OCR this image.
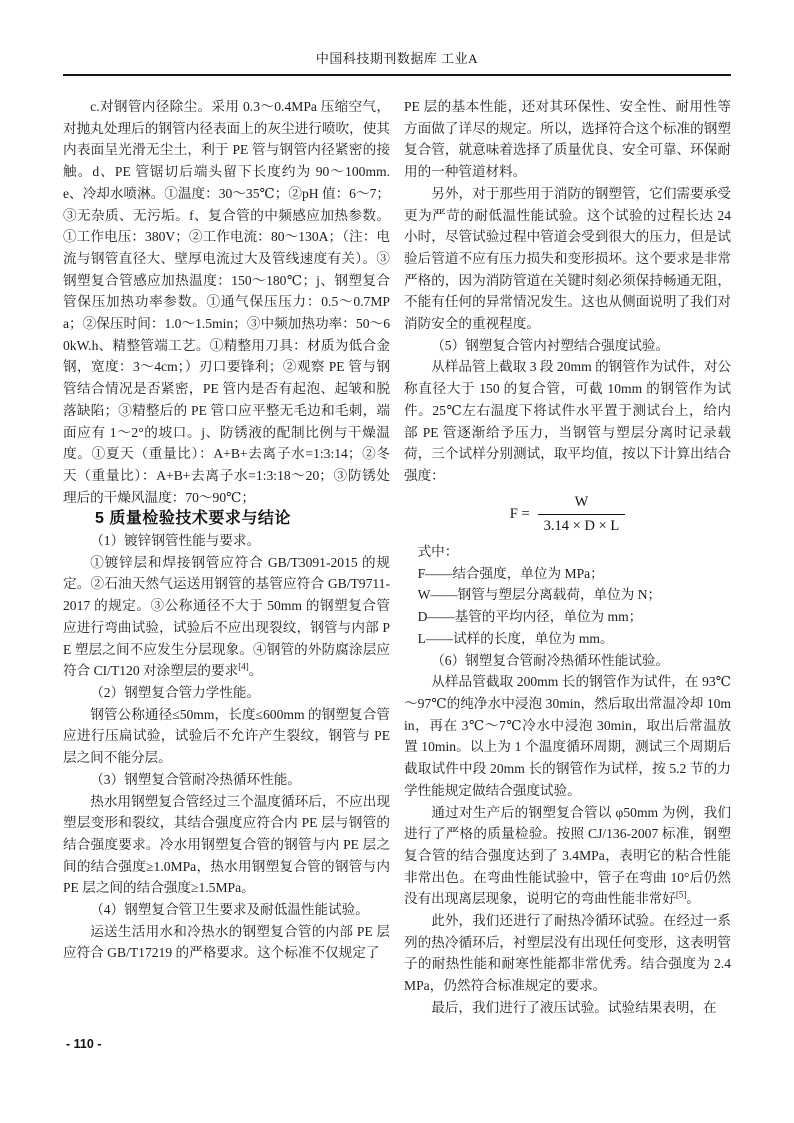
中国科技期刊数据库 工业A

c.对钢管内径除尘。采用 0.3～0.4MPa 压缩空气，对抛丸处理后的钢管内径表面上的灰尘进行喷吹，使其内表面呈光滑无尘土，利于 PE 管与钢管内径紧密的接触。d、PE 管锯切后端头留下长度约为 90～100mm. e、冷却水喷淋。①温度：30～35℃；②pH 值：6～7；③无杂质、无污垢。f、复合管的中频感应加热参数。①工作电压：380V；②工作电流：80～130A；（注：电流与钢管直径大、壁厚电流过大及管线速度有关）。③钢塑复合管感应加热温度：150～180℃；j、钢塑复合管保压加热功率参数。①通气保压压力：0.5～0.7MPa；②保压时间：1.0～1.5min；③中频加热功率：50～60kW.h、精整管端工艺。①精整用刀具：材质为低合金钢，宽度：3～4cm；）刃口要锋利；②观察 PE 管与钢管结合情况是否紧密，PE 管内是否有起泡、起皱和脱落缺陷；③精整后的 PE 管口应平整无毛边和毛刺，端面应有 1～2°的坡口。j、防锈液的配制比例与干燥温度。①夏天（重量比）：A+B+去离子水=1:3:14；②冬天（重量比）：A+B+去离子水=1:3:18～20；③防锈处理后的干燥风温度：70～90℃；

5 质量检验技术要求与结论

（1）镀锌钢管性能与要求。

①镀锌层和焊接钢管应符合 GB/T3091-2015 的规定。②石油天然气运送用钢管的基管应符合 GB/T9711-2017 的规定。③公称通径不大于 50mm 的钢塑复合管应进行弯曲试验，试验后不应出现裂纹，钢管与内部 PE 塑层之间不应发生分层现象。④钢管的外防腐涂层应符合 CI/T120 对涂塑层的要求[4]。

（2）钢塑复合管力学性能。

钢管公称通径≤50mm，长度≤600mm 的钢塑复合管应进行压扁试验，试验后不允许产生裂纹，钢管与 PE 层之间不能分层。

（3）钢塑复合管耐冷热循环性能。

热水用钢塑复合管经过三个温度循环后，不应出现塑层变形和裂纹，其结合强度应符合内 PE 层与钢管的结合强度要求。冷水用钢塑复合管的钢管与内 PE 层之间的结合强度≥1.0MPa，热水用钢塑复合管的钢管与内 PE 层之间的结合强度≥1.5MPa。

（4）钢塑复合管卫生要求及耐低温性能试验。

运送生活用水和冷热水的钢塑复合管的内部 PE 层应符合 GB/T17219 的严格要求。这个标准不仅规定了

PE 层的基本性能，还对其环保性、安全性、耐用性等方面做了详尽的规定。所以，选择符合这个标准的钢塑复合管，就意味着选择了质量优良、安全可靠、环保耐用的一种管道材料。

另外，对于那些用于消防的钢塑管，它们需要承受更为严苛的耐低温性能试验。这个试验的过程长达 24 小时，尽管试验过程中管道会受到很大的压力，但是试验后管道不应有压力损失和变形损坏。这个要求是非常严格的，因为消防管道在关键时刻必须保持畅通无阻，不能有任何的异常情况发生。这也从侧面说明了我们对消防安全的重视程度。

（5）钢塑复合管内衬塑结合强度试验。

从样品管上截取 3 段 20mm 的钢管作为试件，对公称直径大于 150 的复合管，可截 10mm 的钢管作为试件。25℃左右温度下将试件水平置于测试台上，给内部 PE 管逐渐给予压力，当钢管与塑层分离时记录载荷，三个试样分别测试，取平均值，按以下计算出结合强度：

$F = \frac{W}{3.14 \times D \times L}$

式中：

F——结合强度，单位为 MPa；

W——钢管与塑层分离载荷，单位为 N；

D——基管的平均内径，单位为 mm；

L——试样的长度，单位为 mm。

（6）钢塑复合管耐冷热循环性能试验。

从样品管截取 200mm 长的钢管作为试件，在 93℃～97℃的纯净水中浸泡 30min，然后取出常温冷却 10min，再在 3℃～7℃冷水中浸泡 30min，取出后常温放置 10min。以上为 1 个温度循环周期，测试三个周期后截取试件中段 20mm 长的钢管作为试样，按 5.2 节的力学性能规定做结合强度试验。

通过对生产后的钢塑复合管以 φ50mm 为例，我们进行了严格的质量检验。按照 CJ/136-2007 标准，钢塑复合管的结合强度达到了 3.4MPa，表明它的粘合性能非常出色。在弯曲性能试验中，管子在弯曲 10°后仍然没有出现离层现象，说明它的弯曲性能非常好[5]。

此外，我们还进行了耐热冷循环试验。在经过一系列的热冷循环后，衬塑层没有出现任何变形，这表明管子的耐热性能和耐寒性能都非常优秀。结合强度为 2.4MPa，仍然符合标准规定的要求。

最后，我们进行了液压试验。试验结果表明，在

- 110 -
